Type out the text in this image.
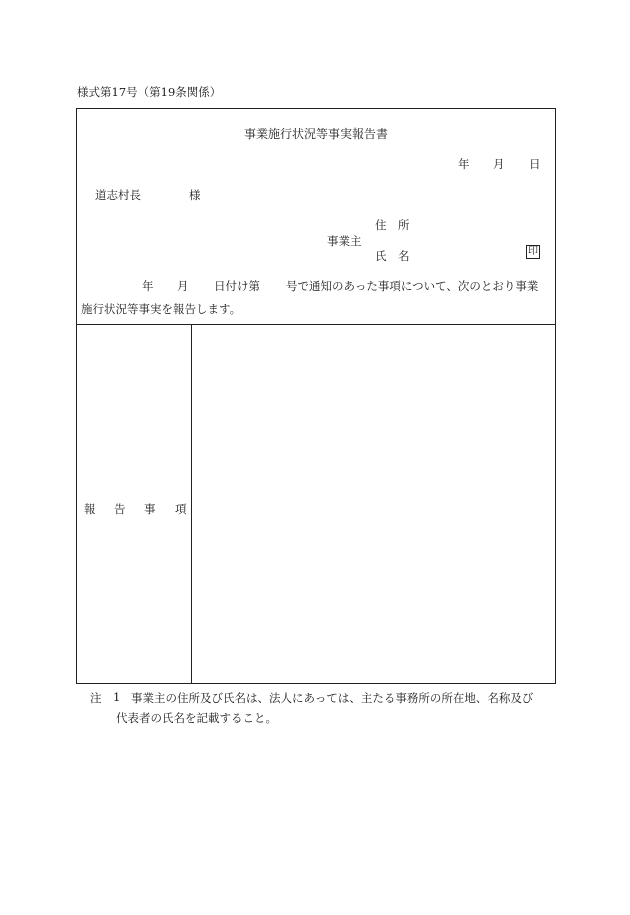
様式第17号（第19条関係）
事業施行状況等事実報告書
年 月 日
道志村長	様
住　所
事業主
氏　名	印
年 月 日付け第 号で通知のあった事項について、次のとおり事業
施行状況等事実を報告します。
報 告 事 項
注 1 事業主の住所及び氏名は、法人にあっては、主たる事務所の所在地、名称及び
代表者の氏名を記載すること。
